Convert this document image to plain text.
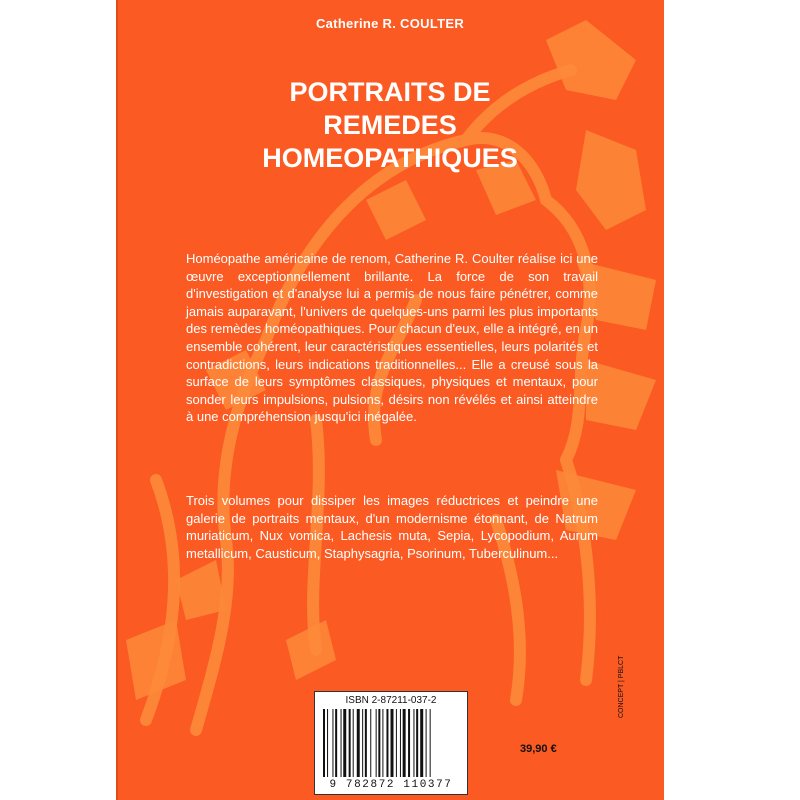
Catherine R. COULTER
PORTRAITS DE
REMEDES
HOMEOPATHIQUES
Homéopathe américaine de renom, Catherine R. Coulter réalise ici une œuvre exceptionnellement brillante. La force de son travail d'investigation et d'analyse lui a permis de nous faire pénétrer, comme jamais auparavant, l'univers de quelques-uns parmi les plus importants des remèdes homéopathiques. Pour chacun d'eux, elle a intégré, en un ensemble cohérent, leur caractéristiques essentielles, leurs polarités et contradictions, leurs indications traditionnelles... Elle a creusé sous la surface de leurs symptômes classiques, physiques et mentaux, pour sonder leurs impulsions, pulsions, désirs non révélés et ainsi atteindre à une compréhension jusqu'ici inégalée.
Trois volumes pour dissiper les images réductrices et peindre une galerie de portraits mentaux, d'un modernisme étonnant, de Natrum muriaticum, Nux vomica, Lachesis muta, Sepia, Lycopodium, Aurum metallicum, Causticum, Staphysagria, Psorinum, Tuberculinum...
ISBN 2-87211-037-2
9 782872 110377
39,90 €
CONCEPT | PBLCT
